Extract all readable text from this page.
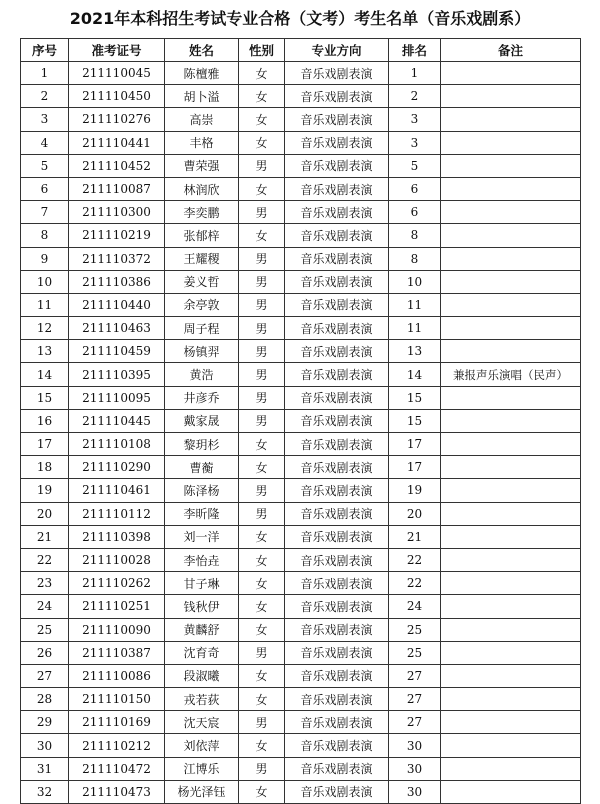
2021年本科招生考试专业合格（文考）考生名单（音乐戏剧系）
序号	准考证号	姓名	性别	专业方向	排名	备注
1	211110045	陈檀雅	女	音乐戏剧表演	1	
2	211110450	胡卜溢	女	音乐戏剧表演	2	
3	211110276	高崇	女	音乐戏剧表演	3	
4	211110441	丰格	女	音乐戏剧表演	3	
5	211110452	曹荣强	男	音乐戏剧表演	5	
6	211110087	林润欣	女	音乐戏剧表演	6	
7	211110300	李奕鹏	男	音乐戏剧表演	6	
8	211110219	张郁梓	女	音乐戏剧表演	8	
9	211110372	王耀稷	男	音乐戏剧表演	8	
10	211110386	姜义哲	男	音乐戏剧表演	10	
11	211110440	余亭敦	男	音乐戏剧表演	11	
12	211110463	周子程	男	音乐戏剧表演	11	
13	211110459	杨镇羿	男	音乐戏剧表演	13	
14	211110395	黄浩	男	音乐戏剧表演	14	兼报声乐演唱（民声）
15	211110095	井彦乔	男	音乐戏剧表演	15	
16	211110445	戴家晟	男	音乐戏剧表演	15	
17	211110108	黎玥杉	女	音乐戏剧表演	17	
18	211110290	曹蘅	女	音乐戏剧表演	17	
19	211110461	陈泽杨	男	音乐戏剧表演	19	
20	211110112	李昕隆	男	音乐戏剧表演	20	
21	211110398	刘一洋	女	音乐戏剧表演	21	
22	211110028	李怡垚	女	音乐戏剧表演	22	
23	211110262	甘子琳	女	音乐戏剧表演	22	
24	211110251	钱秋伊	女	音乐戏剧表演	24	
25	211110090	黄麟舒	女	音乐戏剧表演	25	
26	211110387	沈育奇	男	音乐戏剧表演	25	
27	211110086	段淑曦	女	音乐戏剧表演	27	
28	211110150	戎若荻	女	音乐戏剧表演	27	
29	211110169	沈天宸	男	音乐戏剧表演	27	
30	211110212	刘依萍	女	音乐戏剧表演	30	
31	211110472	江博乐	男	音乐戏剧表演	30	
32	211110473	杨光泽钰	女	音乐戏剧表演	30	
